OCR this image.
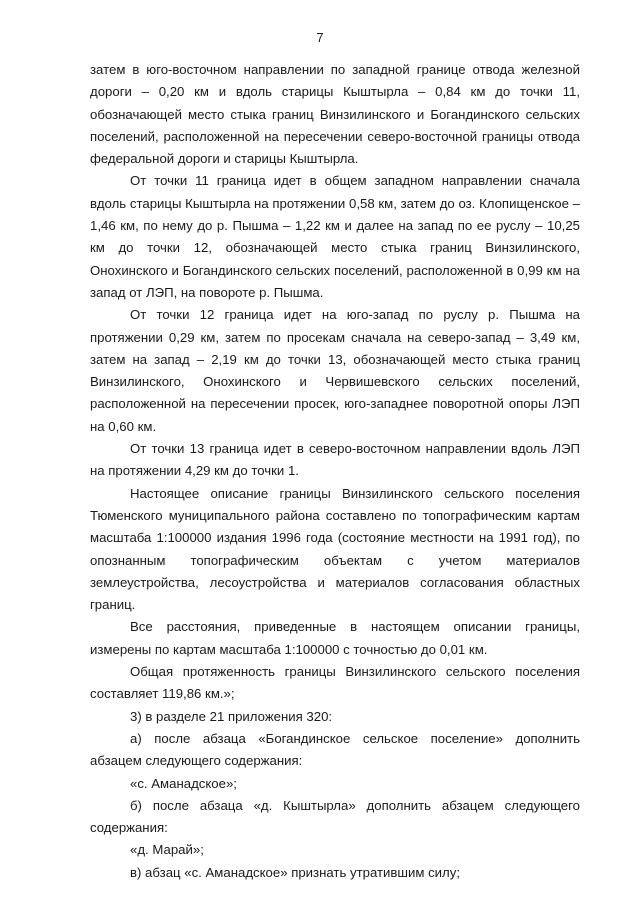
7

затем в юго-восточном направлении по западной границе отвода железной дороги – 0,20 км и вдоль старицы Кыштырла – 0,84 км до точки 11, обозначающей место стыка границ Винзилинского и Богандинского сельских поселений, расположенной на пересечении северо-восточной границы отвода федеральной дороги и старицы Кыштырла.

От точки 11 граница идет в общем западном направлении сначала вдоль старицы Кыштырла на протяжении 0,58 км, затем до оз. Клопищенское – 1,46 км, по нему до р. Пышма – 1,22 км и далее на запад по ее руслу – 10,25 км до точки 12, обозначающей место стыка границ Винзилинского, Онохинского и Богандинского сельских поселений, расположенной в 0,99 км на запад от ЛЭП, на повороте р. Пышма.

От точки 12 граница идет на юго-запад по руслу р. Пышма на протяжении 0,29 км, затем по просекам сначала на северо-запад – 3,49 км, затем на запад – 2,19 км до точки 13, обозначающей место стыка границ Винзилинского, Онохинского и Червишевского сельских поселений, расположенной на пересечении просек, юго-западнее поворотной опоры ЛЭП на 0,60 км.

От точки 13 граница идет в северо-восточном направлении вдоль ЛЭП на протяжении 4,29 км до точки 1.

Настоящее описание границы Винзилинского сельского поселения Тюменского муниципального района составлено по топографическим картам масштаба 1:100000 издания 1996 года (состояние местности на 1991 год), по опознанным топографическим объектам с учетом материалов землеустройства, лесоустройства и материалов согласования областных границ.

Все расстояния, приведенные в настоящем описании границы, измерены по картам масштаба 1:100000 с точностью до 0,01 км.

Общая протяженность границы Винзилинского сельского поселения составляет 119,86 км.»;

3) в разделе 21 приложения 320:

а) после абзаца «Богандинское сельское поселение» дополнить абзацем следующего содержания:

«с. Аманадское»;

б) после абзаца «д. Кыштырла» дополнить абзацем следующего содержания:

«д. Марай»;

в) абзац «с. Аманадское» признать утратившим силу;
